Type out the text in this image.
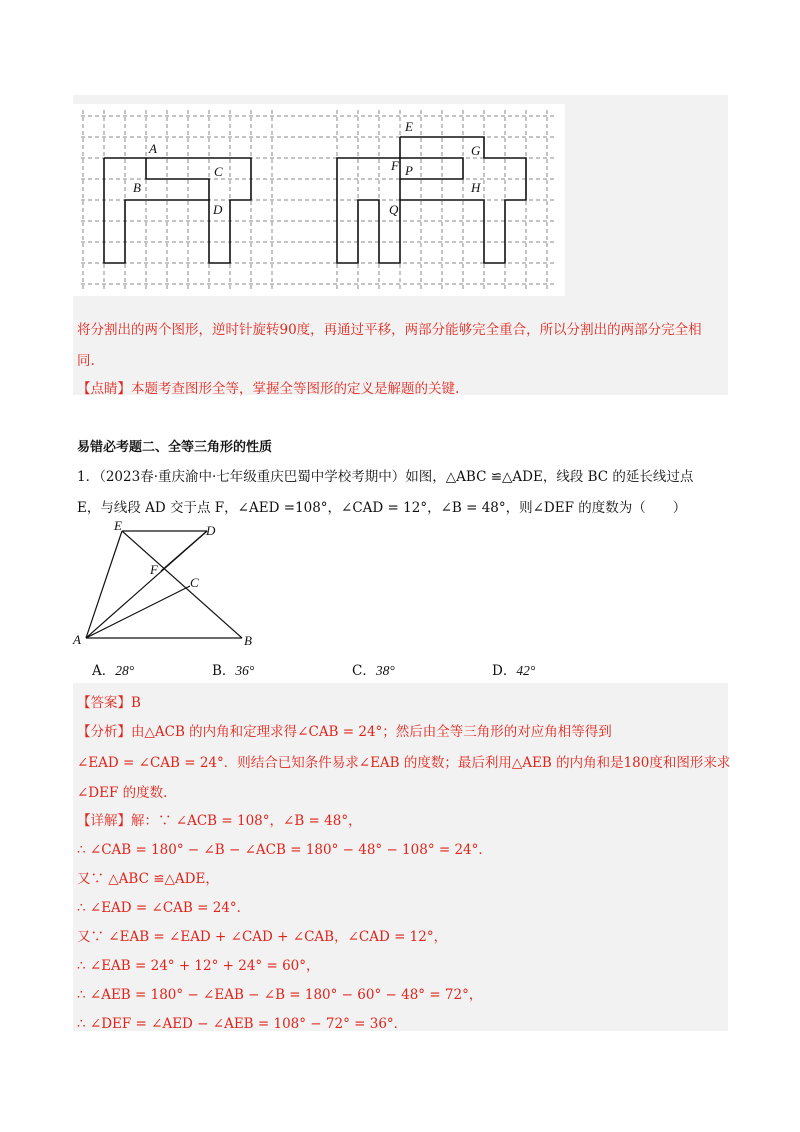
A
C
B
D
E
F P
G
H
Q
将分割出的两个图形，逆时针旋转90度，再通过平移，两部分能够完全重合，所以分割出的两部分完全相
同.
【点睛】本题考查图形全等，掌握全等图形的定义是解题的关键.
易错必考题二、全等三角形的性质
1．（2023春·重庆渝中·七年级重庆巴蜀中学校考期中）如图，△ABC ≌△ADE，线段 BC 的延长线过点
E，与线段 AD 交于点 F，∠AED =108°，∠CAD = 12°，∠B = 48°，则∠DEF 的度数为（　　）
E	D
F
C
A	B
A．28°	B．36°	C．38°	D．42°
【答案】B
【分析】由△ACB 的内角和定理求得∠CAB = 24°；然后由全等三角形的对应角相等得到
∠EAD = ∠CAB = 24°．则结合已知条件易求∠EAB 的度数；最后利用△AEB 的内角和是180度和图形来求
∠DEF 的度数.
【详解】解：∵ ∠ACB = 108°，∠B = 48°，
∴ ∠CAB = 180° − ∠B − ∠ACB = 180° − 48° − 108° = 24°．
又∵ △ABC ≌△ADE，
∴ ∠EAD = ∠CAB = 24°．
又∵ ∠EAB = ∠EAD + ∠CAD + ∠CAB，∠CAD = 12°，
∴ ∠EAB = 24° + 12° + 24° = 60°，
∴ ∠AEB = 180° − ∠EAB − ∠B = 180° − 60° − 48° = 72°，
∴ ∠DEF = ∠AED − ∠AEB = 108° − 72° = 36°．
